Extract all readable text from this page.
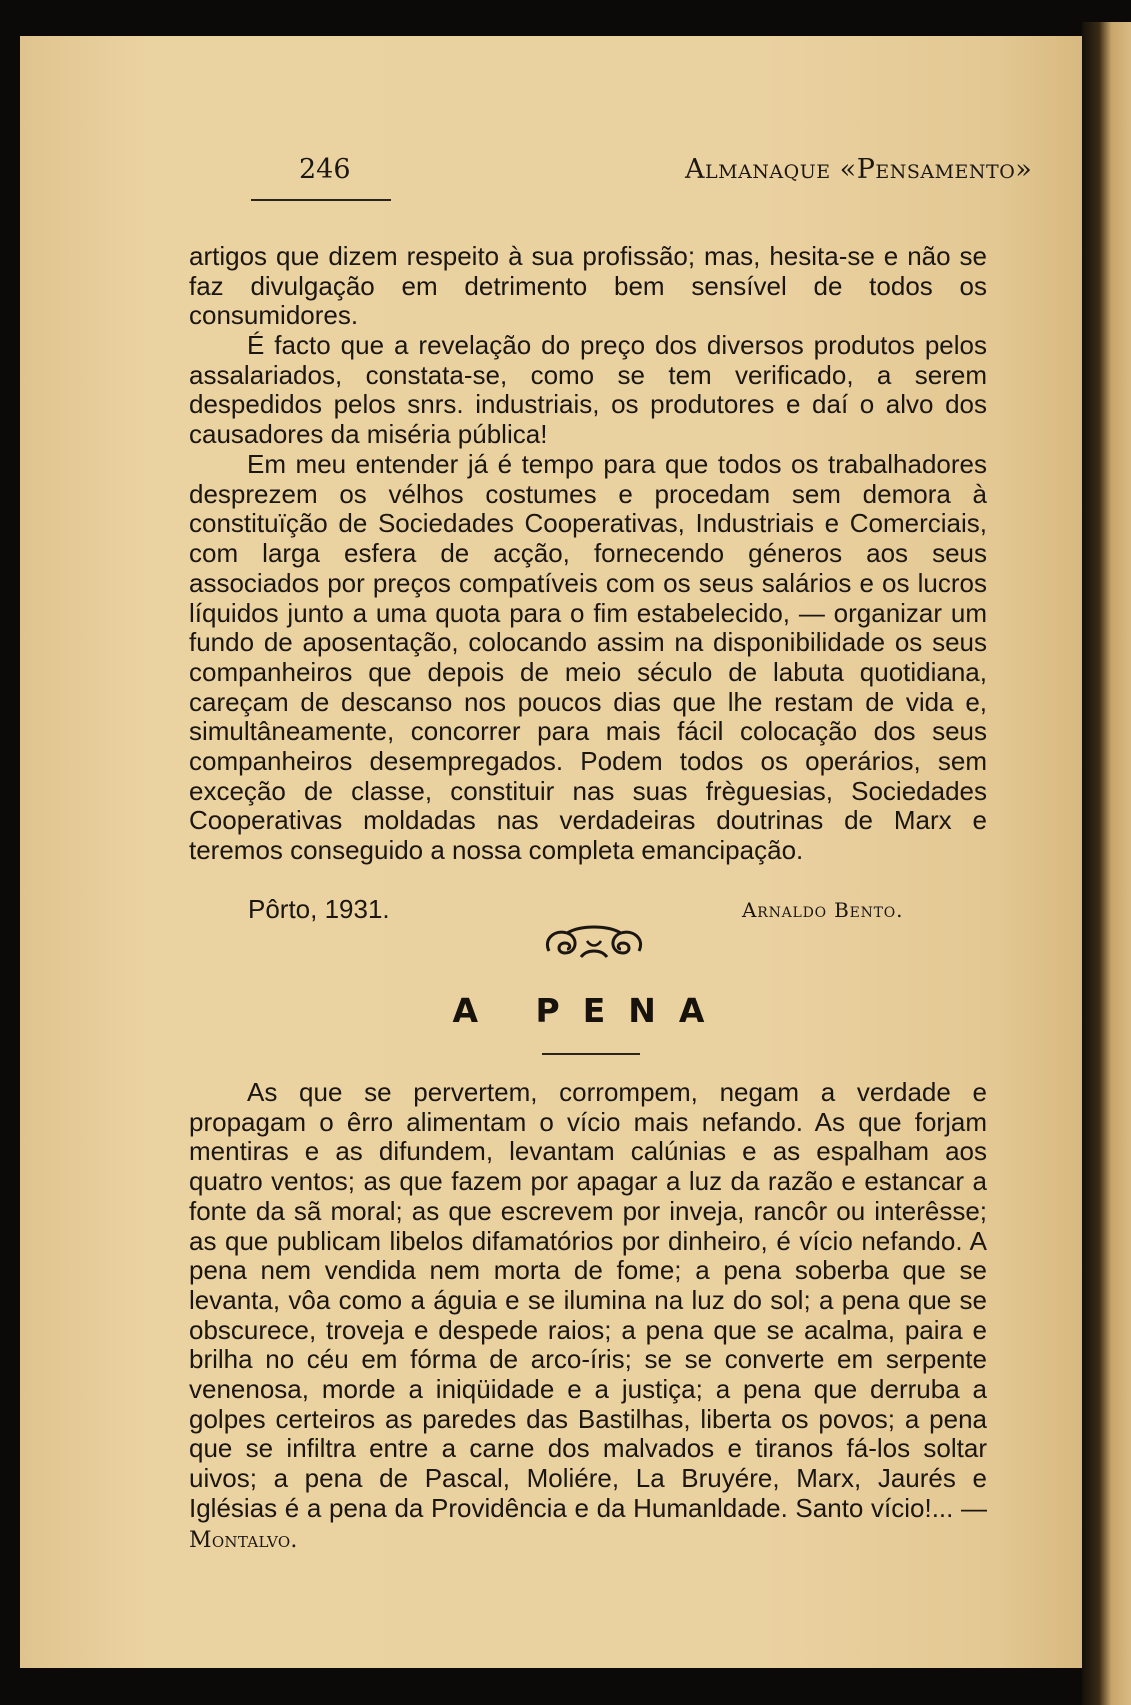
246	Almanaque «Pensamento»

artigos que dizem respeito à sua profissão; mas, hesita-se e não se faz divulgação em detrimento bem sensível de todos os consumidores.

É facto que a revelação do preço dos diversos produtos pelos assalariados, constata-se, como se tem verificado, a serem despedidos pelos snrs. industriais, os produtores e daí o alvo dos causadores da miséria pública!

Em meu entender já é tempo para que todos os trabalhadores desprezem os vélhos costumes e procedam sem demora à constituïção de Sociedades Cooperativas, Industriais e Comerciais, com larga esfera de acção, fornecendo géneros aos seus associados por preços compatíveis com os seus salários e os lucros líquidos junto a uma quota para o fim estabelecido, — organizar um fundo de aposentação, colocando assim na disponibilidade os seus companheiros que depois de meio século de labuta quotidiana, careçam de descanso nos poucos dias que lhe restam de vida e, simultâneamente, concorrer para mais fácil colocação dos seus companheiros desempregados. Podem todos os operários, sem exceção de classe, constituir nas suas frèguesias, Sociedades Cooperativas moldadas nas verdadeiras doutrinas de Marx e teremos conseguido a nossa completa emancipação.

Pôrto, 1931.	Arnaldo Bento.
A PENA

As que se pervertem, corrompem, negam a verdade e propagam o êrro alimentam o vício mais nefando. As que forjam mentiras e as difundem, levantam calúnias e as espalham aos quatro ventos; as que fazem por apagar a luz da razão e estancar a fonte da sã moral; as que escrevem por inveja, rancôr ou interêsse; as que publicam libelos difamatórios por dinheiro, é vício nefando. A pena nem vendida nem morta de fome; a pena soberba que se levanta, vôa como a águia e se ilumina na luz do sol; a pena que se obscurece, troveja e despede raios; a pena que se acalma, paira e brilha no céu em fórma de arco-íris; se se converte em serpente venenosa, morde a iniqüidade e a justiça; a pena que derruba a golpes certeiros as paredes das Bastilhas, liberta os povos; a pena que se infiltra entre a carne dos malvados e tiranos fá-los soltar uivos; a pena de Pascal, Moliére, La Bruyére, Marx, Jaurés e Iglésias é a pena da Providência e da Humanldade. Santo vício!... —Montalvo.
